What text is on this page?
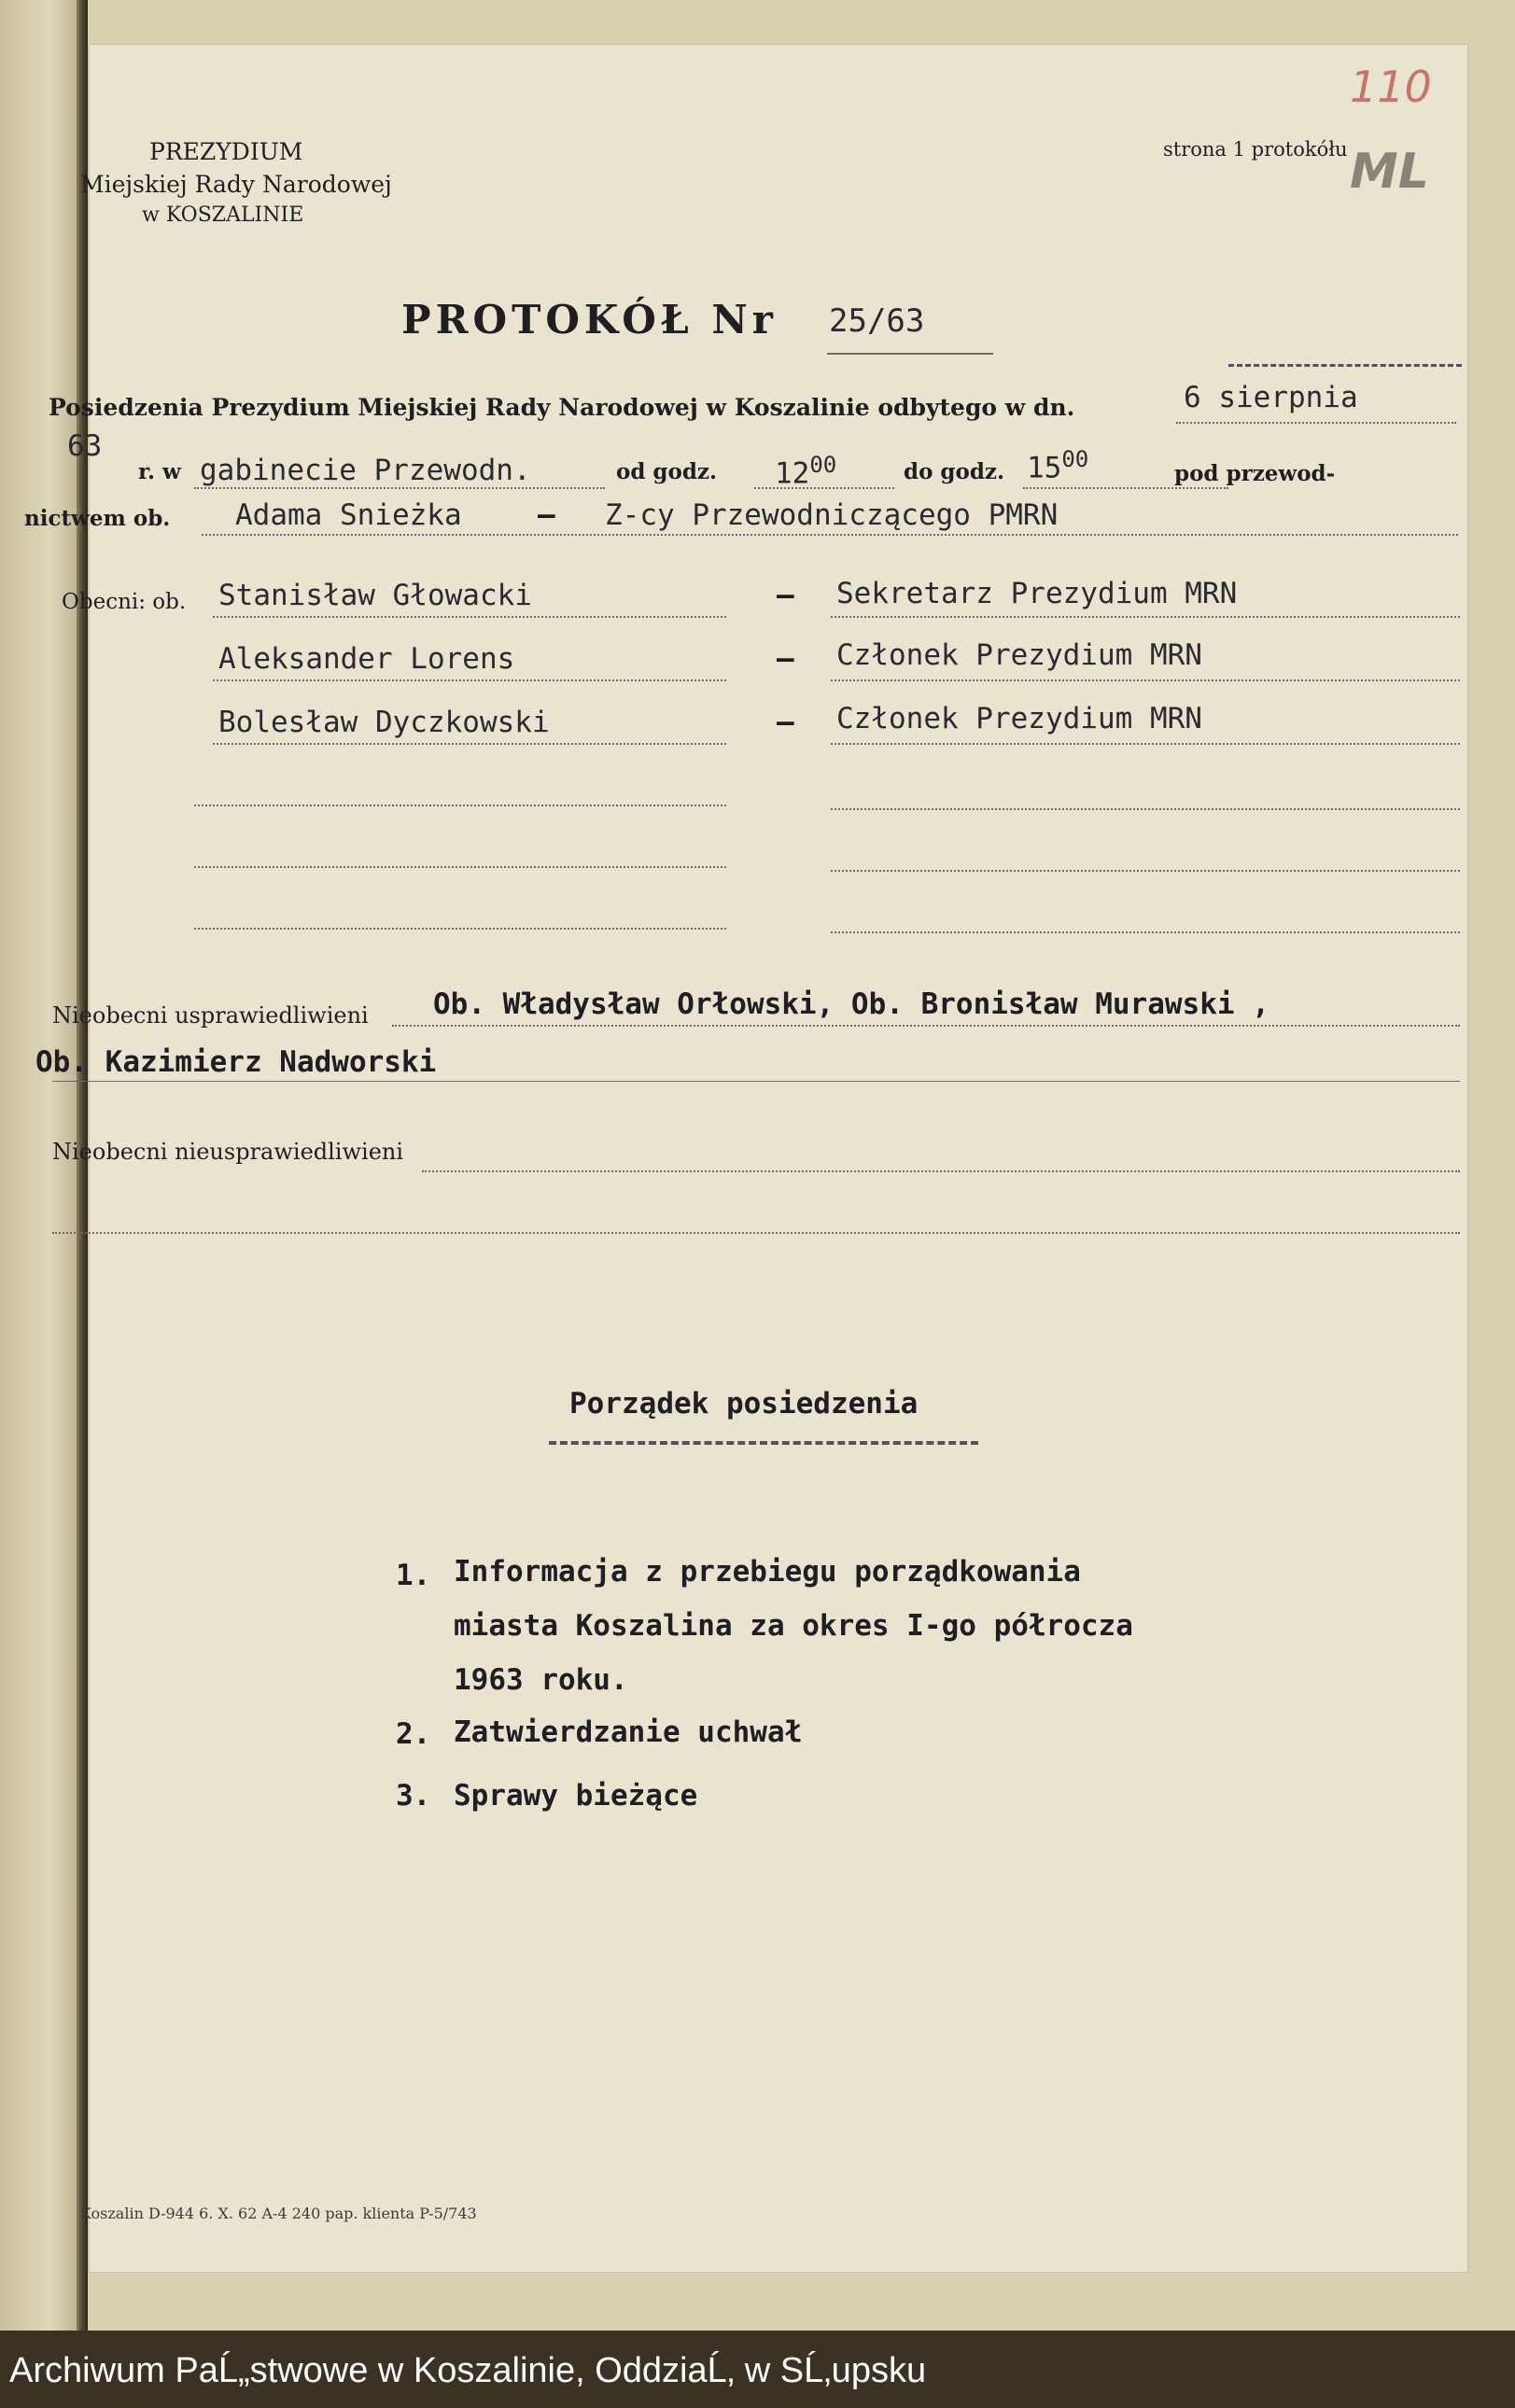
PREZYDIUM
Miejskiej Rady Narodowej
w KOSZALINIE
strona 1 protokółu
110
ML
PROTOKÓŁ Nr 25/63
Posiedzenia Prezydium Miejskiej Rady Narodowej w Koszalinie odbytego w dn.	6 sierpnia
63
r. w gabinecie Przewodn.	od godz. $12^{00}$	do godz. $15^{00}$
pod przewod-
nictwem ob. Adama Snieżka	– Z-cy Przewodniczącego PMRN
Obecni: ob. Stanisław Głowacki	– Sekretarz Prezydium MRN
Aleksander Lorens	– Członek Prezydium MRN
Bolesław Dyczkowski	– Członek Prezydium MRN
Nieobecni usprawiedliwieni Ob. Władysław Orłowski, Ob. Bronisław Murawski ,
Ob. Kazimierz Nadworski
Nieobecni nieusprawiedliwieni
Porządek posiedzenia
1. Informacja z przebiegu porządkowania
miasta Koszalina za okres I-go półrocza
1963 roku.
2. Zatwierdzanie uchwał
3. Sprawy bieżące
Koszalin D-944 6. X. 62 A-4 240 pap. klienta P-5/743
Archiwum PaĹ„stwowe w Koszalinie, OddziaĹ‚ w SĹ‚upsku
